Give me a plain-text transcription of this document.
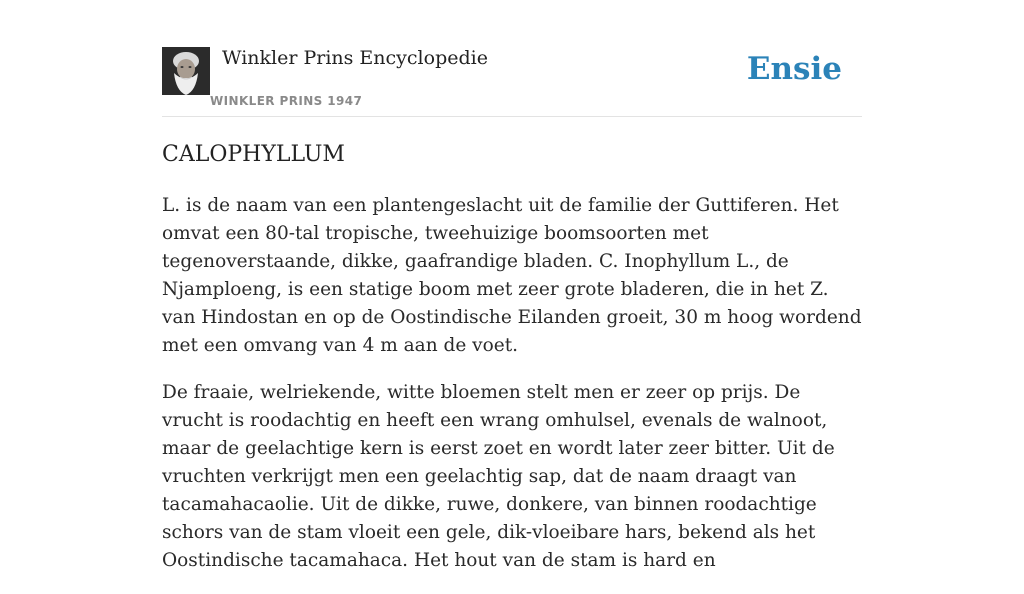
Winkler Prins Encyclopedie
WINKLER PRINS 1947
Ensie
CALOPHYLLUM

L. is de naam van een plantengeslacht uit de familie der Guttiferen. Het omvat een 80-tal tropische, tweehuizige boomsoorten met tegenoverstaande, dikke, gaafrandige bladen. C. Inophyllum L., de Njamploeng, is een statige boom met zeer grote bladeren, die in het Z. van Hindostan en op de Oostindische Eilanden groeit, 30 m hoog wordend met een omvang van 4 m aan de voet.

De fraaie, welriekende, witte bloemen stelt men er zeer op prijs. De vrucht is roodachtig en heeft een wrang omhulsel, evenals de walnoot, maar de geelachtige kern is eerst zoet en wordt later zeer bitter. Uit de vruchten verkrijgt men een geelachtig sap, dat de naam draagt van tacamahacaolie. Uit de dikke, ruwe, donkere, van binnen roodachtige schors van de stam vloeit een gele, dik-vloeibare hars, bekend als het Oostindische tacamahaca. Het hout van de stam is hard en
